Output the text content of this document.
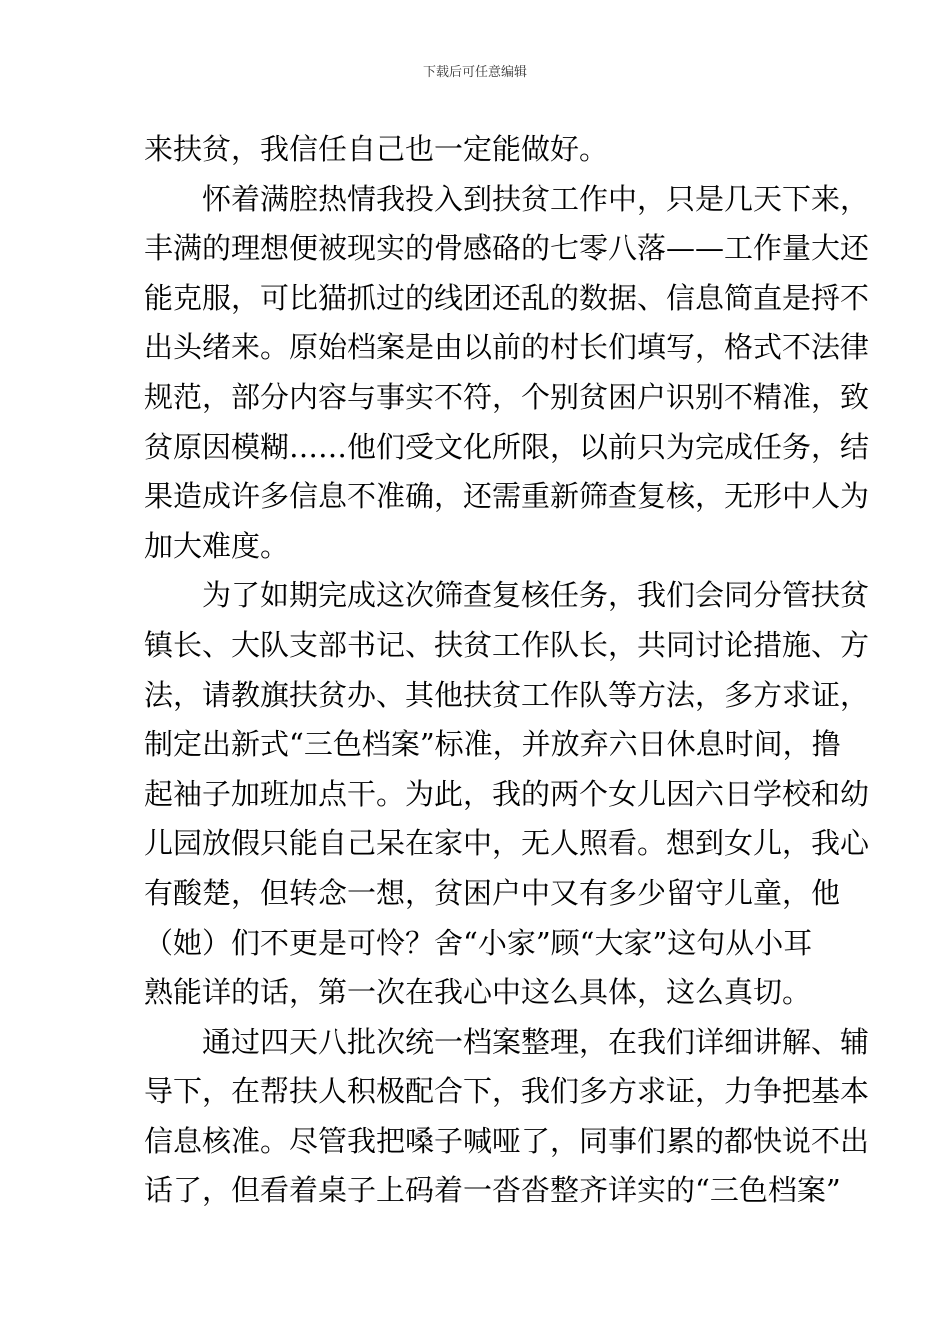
下载后可任意编辑
来扶贫，我信任自己也一定能做好。
怀着满腔热情我投入到扶贫工作中，只是几天下来，
丰满的理想便被现实的骨感硌的七零八落——工作量大还
能克服，可比猫抓过的线团还乱的数据、信息简直是捋不
出头绪来。原始档案是由以前的村长们填写，格式不法律
规范，部分内容与事实不符，个别贫困户识别不精准，致
贫原因模糊……他们受文化所限，以前只为完成任务，结
果造成许多信息不准确，还需重新筛查复核，无形中人为
加大难度。
为了如期完成这次筛查复核任务，我们会同分管扶贫
镇长、大队支部书记、扶贫工作队长，共同讨论措施、方
法，请教旗扶贫办、其他扶贫工作队等方法，多方求证，
制定出新式“三色档案”标准，并放弃六日休息时间，撸
起袖子加班加点干。为此，我的两个女儿因六日学校和幼
儿园放假只能自己呆在家中，无人照看。想到女儿，我心
有酸楚，但转念一想，贫困户中又有多少留守儿童，他
（她）们不更是可怜？舍“小家”顾“大家”这句从小耳
熟能详的话，第一次在我心中这么具体，这么真切。
通过四天八批次统一档案整理，在我们详细讲解、辅
导下，在帮扶人积极配合下，我们多方求证，力争把基本
信息核准。尽管我把嗓子喊哑了，同事们累的都快说不出
话了，但看着桌子上码着一沓沓整齐详实的“三色档案”
